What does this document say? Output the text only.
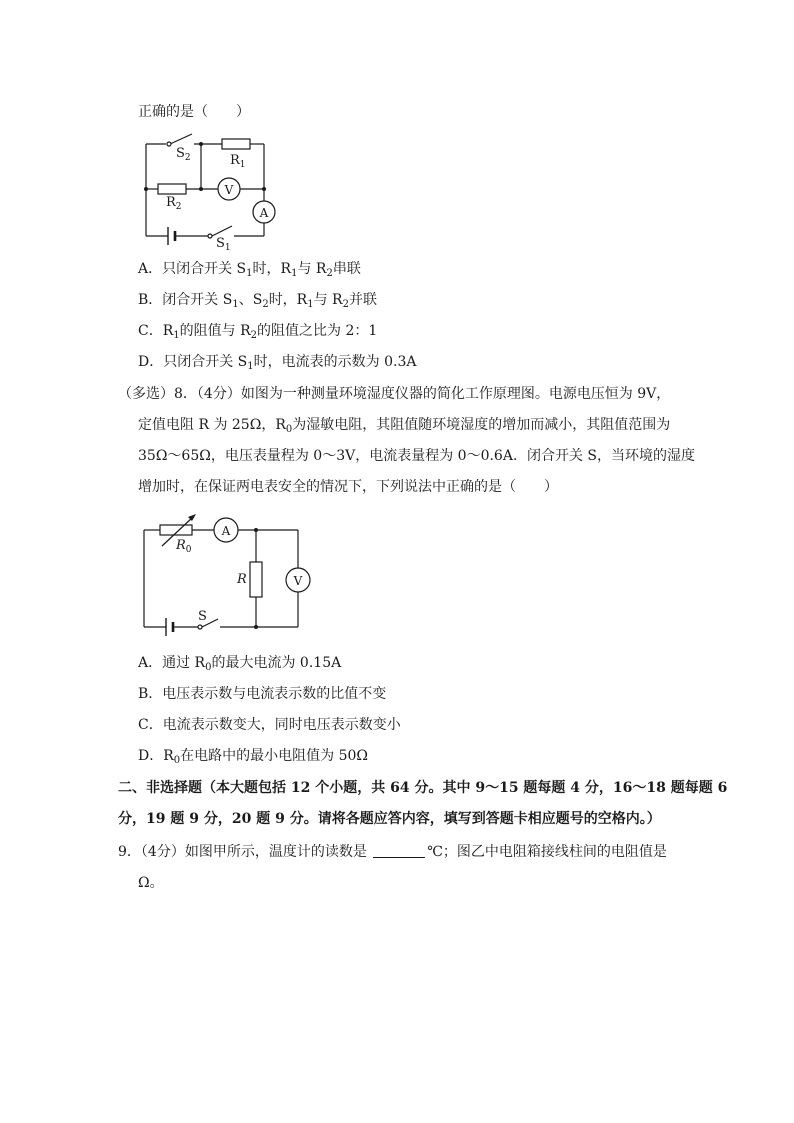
正确的是（　　）
$S_2$	$R_1$
$R_2$
$S_1$
V
A
A．只闭合开关 $S_1$时，$R_1$与 $R_2$串联
B．闭合开关 $S_1$、$S_2$时，$R_1$与 $R_2$并联
C．$R_1$的阻值与 $R_2$的阻值之比为 2：1
D．只闭合开关 $S_1$时，电流表的示数为 0.3A
（多选）8．（4分）如图为一种测量环境湿度仪器的简化工作原理图。电源电压恒为 9V，
定值电阻 R 为 25Ω，$R_0$为湿敏电阻，其阻值随环境湿度的增加而减小，其阻值范围为
35Ω～65Ω，电压表量程为 0～3V，电流表量程为 0～0.6A．闭合开关 S，当环境的湿度
增加时，在保证两电表安全的情况下，下列说法中正确的是（　　）
$R_0$
A
V
R
S
A．通过 $R_0$的最大电流为 0.15A
B．电压表示数与电流表示数的比值不变
C．电流表示数变大，同时电压表示数变小
D．$R_0$在电路中的最小电阻值为 50Ω
二、非选择题（本大题包括 12 个小题，共 64 分。其中 9～15 题每题 4 分，16～18 题每题 6
分，19 题 9 分，20 题 9 分。请将各题应答内容，填写到答题卡相应题号的空格内。）
9．（4分）如图甲所示，温度计的读数是	℃；图乙中电阻箱接线柱间的电阻值是
Ω。
